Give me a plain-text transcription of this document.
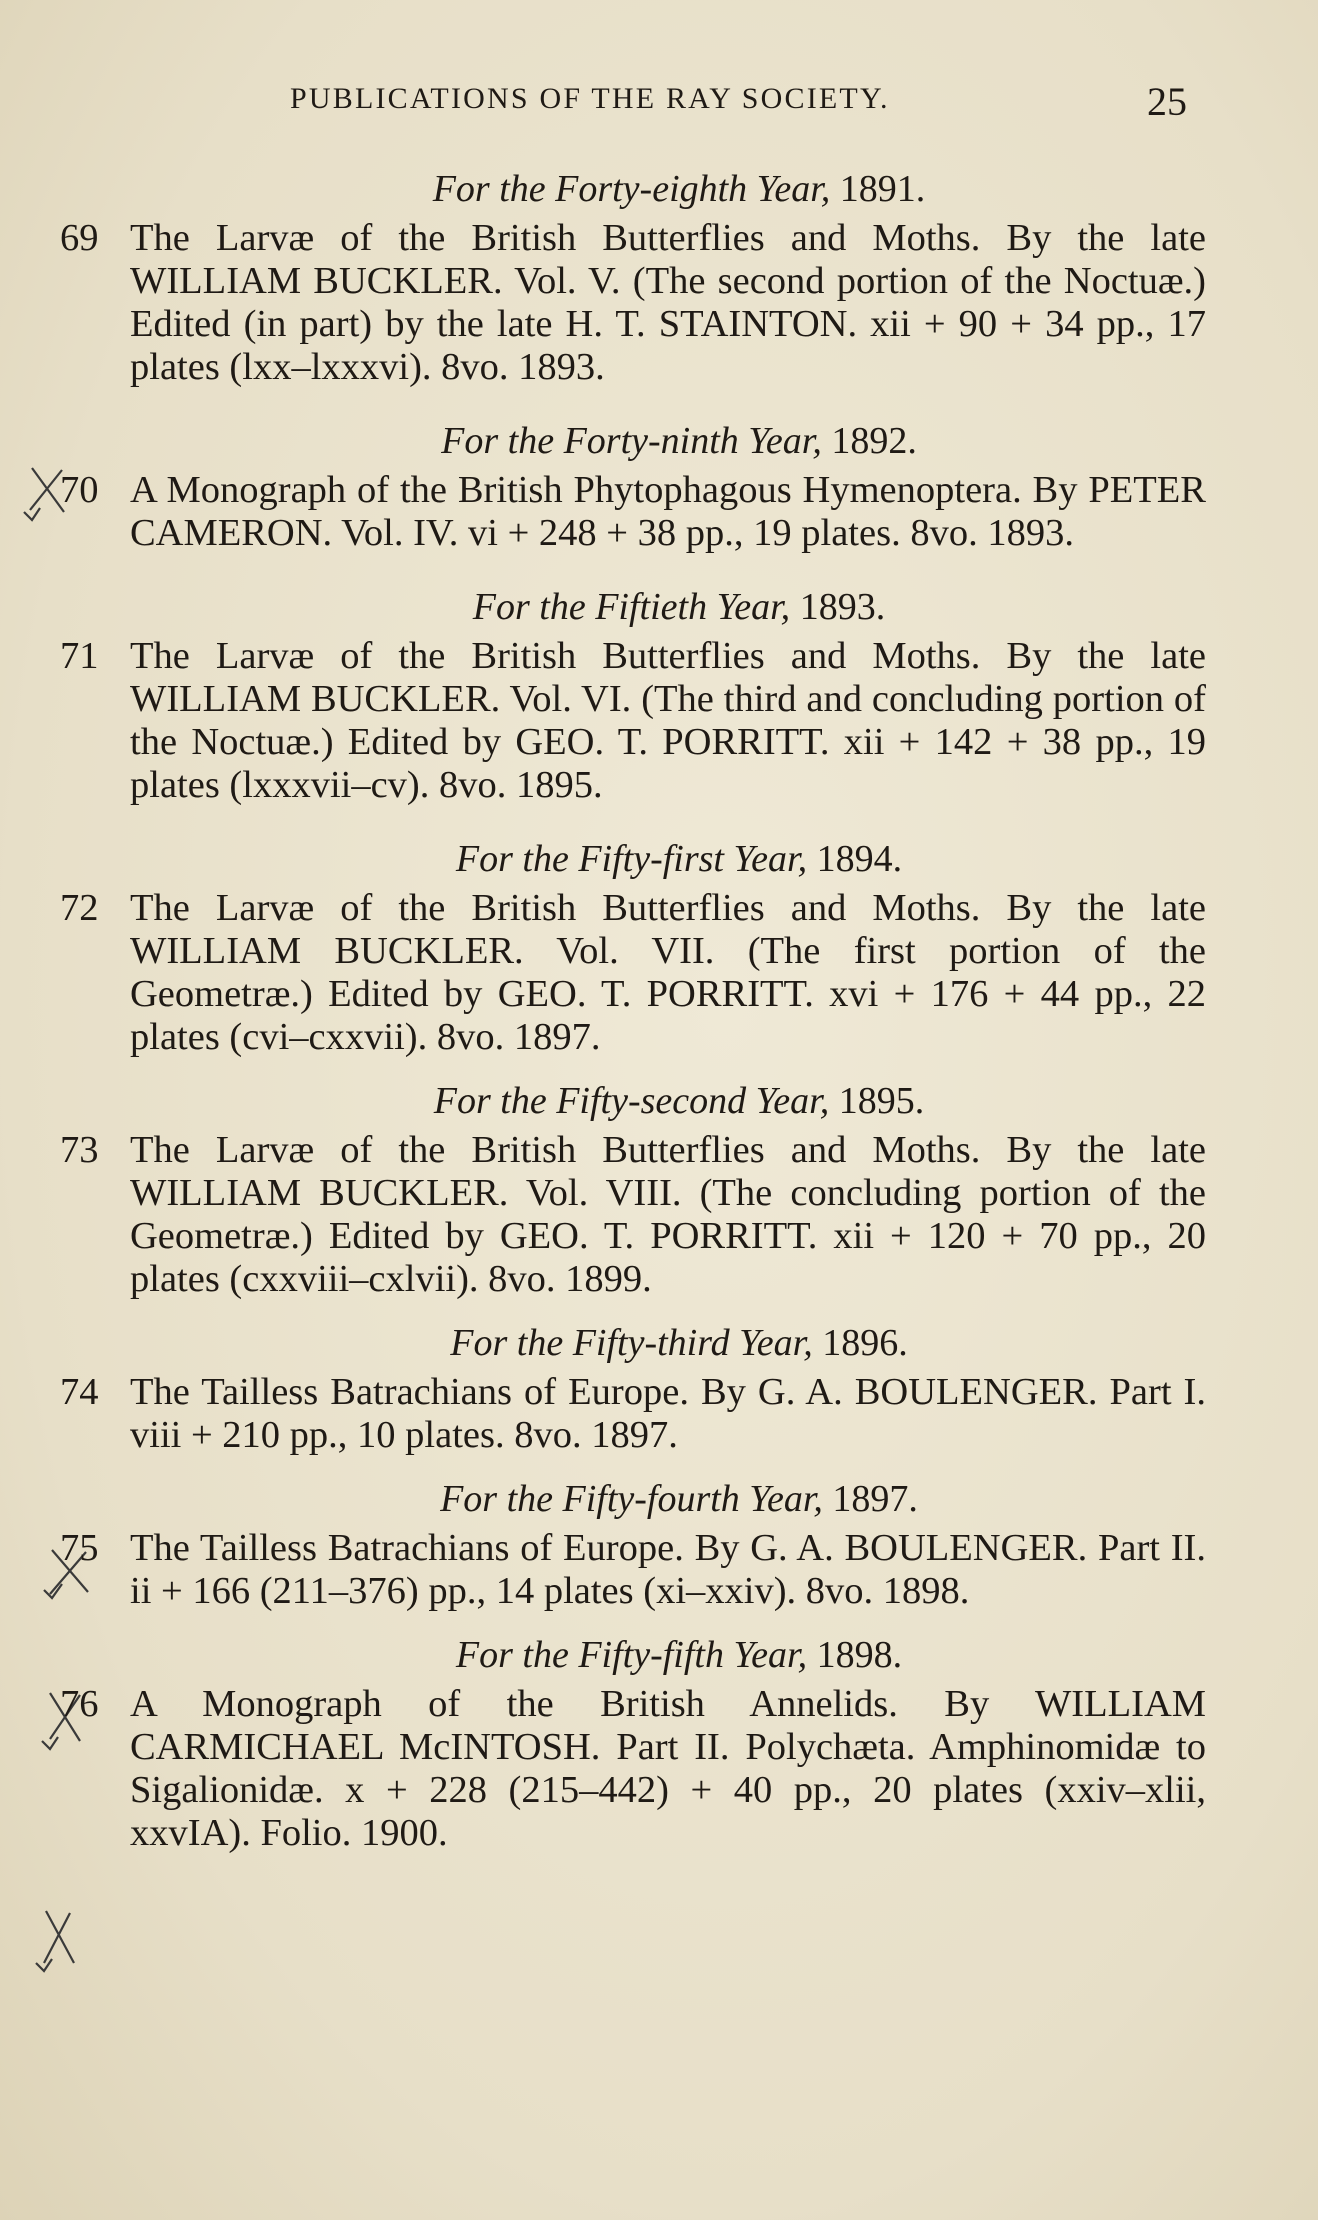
PUBLICATIONS OF THE RAY SOCIETY.	25

For the Forty-eighth Year, 1891.

69 The Larvæ of the British Butterflies and Moths. By the late WILLIAM BUCKLER. Vol. V. (The second portion of the Noctuæ.) Edited (in part) by the late H. T. STAINTON. xii + 90 + 34 pp., 17 plates (lxx–lxxxvi). 8vo. 1893.

For the Forty-ninth Year, 1892.

70 A Monograph of the British Phytophagous Hymenoptera. By PETER CAMERON. Vol. IV. vi + 248 + 38 pp., 19 plates. 8vo. 1893.

For the Fiftieth Year, 1893.

71 The Larvæ of the British Butterflies and Moths. By the late WILLIAM BUCKLER. Vol. VI. (The third and concluding portion of the Noctuæ.) Edited by GEO. T. PORRITT. xii + 142 + 38 pp., 19 plates (lxxxvii–cv). 8vo. 1895.

For the Fifty-first Year, 1894.

72 The Larvæ of the British Butterflies and Moths. By the late WILLIAM BUCKLER. Vol. VII. (The first portion of the Geometræ.) Edited by GEO. T. PORRITT. xvi + 176 + 44 pp., 22 plates (cvi–cxxvii). 8vo. 1897.

For the Fifty-second Year, 1895.

73 The Larvæ of the British Butterflies and Moths. By the late WILLIAM BUCKLER. Vol. VIII. (The concluding portion of the Geometræ.) Edited by GEO. T. PORRITT. xii + 120 + 70 pp., 20 plates (cxxviii–cxlvii). 8vo. 1899.

For the Fifty-third Year, 1896.

74 The Tailless Batrachians of Europe. By G. A. BOULENGER. Part I. viii + 210 pp., 10 plates. 8vo. 1897.

For the Fifty-fourth Year, 1897.

75 The Tailless Batrachians of Europe. By G. A. BOULENGER. Part II. ii + 166 (211–376) pp., 14 plates (xi–xxiv). 8vo. 1898.

For the Fifty-fifth Year, 1898.

76 A Monograph of the British Annelids. By WILLIAM CARMICHAEL McINTOSH. Part II. Polychæta. Amphinomidæ to Sigalionidæ. x + 228 (215–442) + 40 pp., 20 plates (xxiv–xlii, xxvIA). Folio. 1900.
